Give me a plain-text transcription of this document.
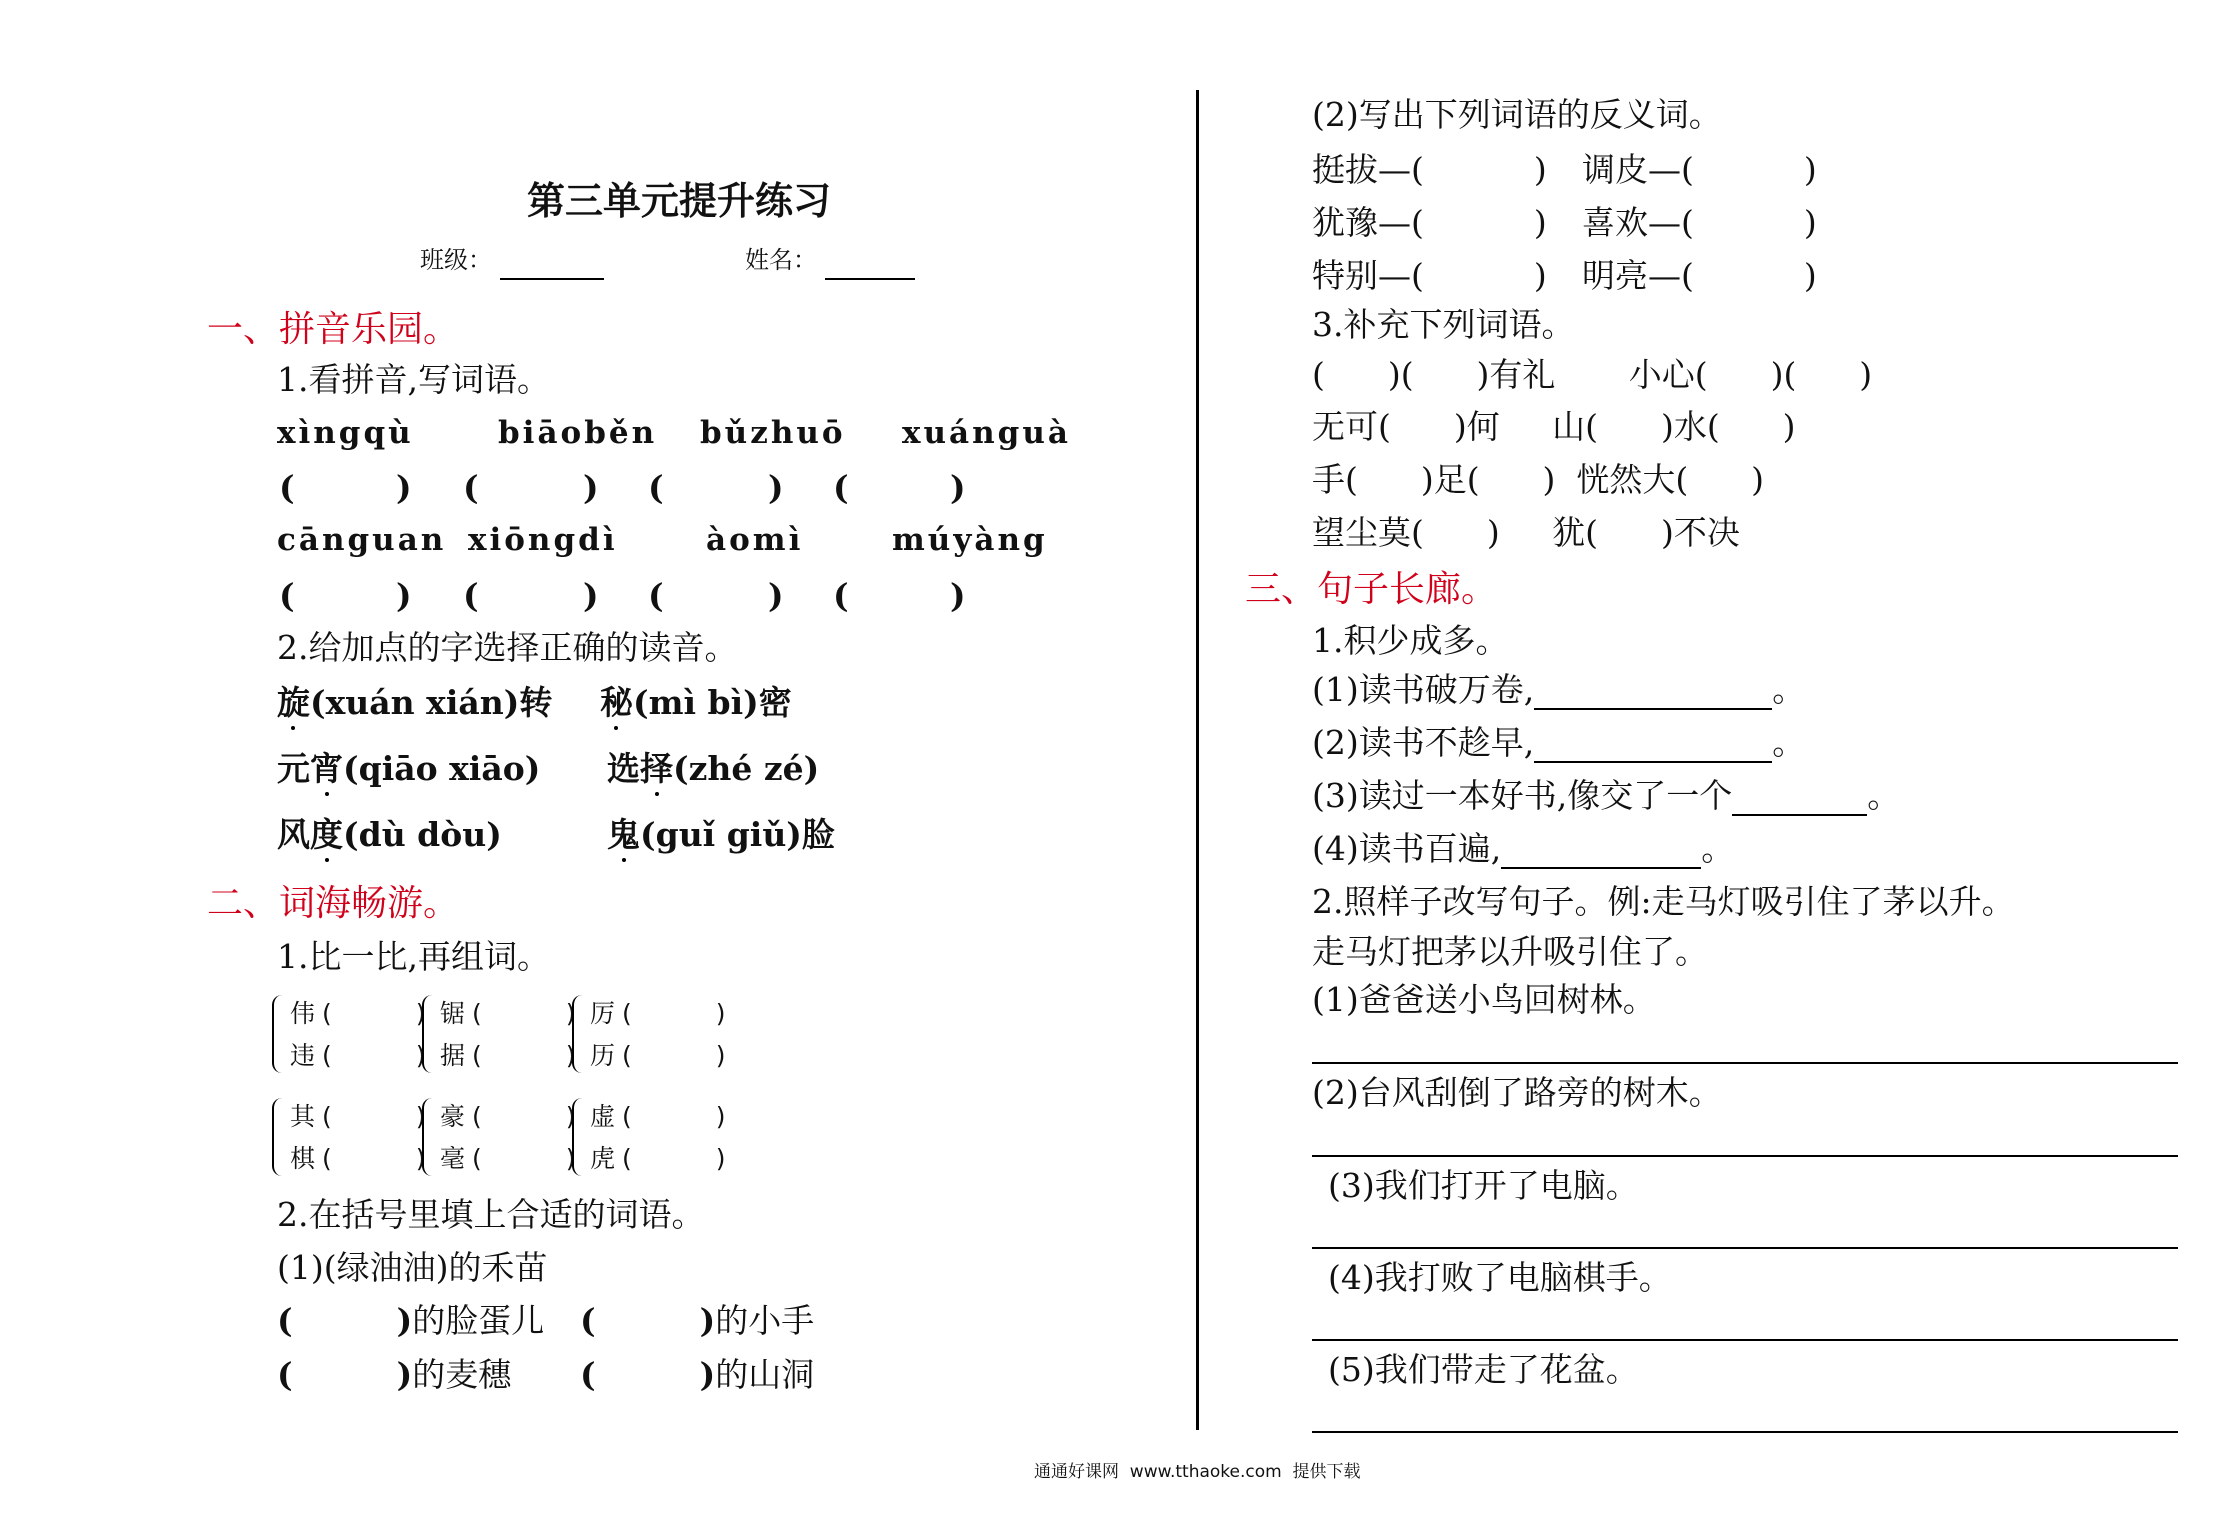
第三单元提升练习
班级：	姓名：
一、拼音乐园。
1.看拼音,写词语。
xìngqù	biāoběn bǔzhuō xuánguà
(	) (	) (	) (	)
cānguan xiōngdì	àomì	múyàng
(	) (	) (	) (	)
2.给加点的字选择正确的读音。
旋(xuán xián)转 秘(mì bì)密
元宵(qiāo xiāo) 选择(zhé zé)
风度(dù dòu)	鬼(guǐ giǔ)脸
二、词海畅游。
1.比一比,再组词。
伟 (	)
违 (	)
锯 (	)
据 (	)
厉 (	)
历 (	)
其 (	)
棋 (	)
豪 (	)
毫 (	)
虚 (	)
虎 (	)
2.在括号里填上合适的词语。
(1)(绿油油)的禾苗
(	)的脸蛋儿 (	)的小手
(	)的麦穗 (	)的山洞
(2)写出下列词语的反义词。
挺拔—(	) 调皮—(	)
犹豫—(	) 喜欢—(	)
特别—(	) 明亮—(	)
3.补充下列词语。
(      )(      )有礼       小心(      )(      )
无可(      )何     山(      )水(      )
手(      )足(      )  恍然大(      )
望尘莫(      )     犹(      )不决
三、句子长廊。
1.积少成多。
(1)读书破万卷,	。
(2)读书不趁早,	。
(3)读过一本好书,像交了一个	。
(4)读书百遍,	。
2.照样子改写句子。例:走马灯吸引住了茅以升。
走马灯把茅以升吸引住了。
(1)爸爸送小鸟回树林。
(2)台风刮倒了路旁的树木。
(3)我们打开了电脑。
(4)我打败了电脑棋手。
(5)我们带走了花盆。
通通好课网  www.tthaoke.com  提供下载
